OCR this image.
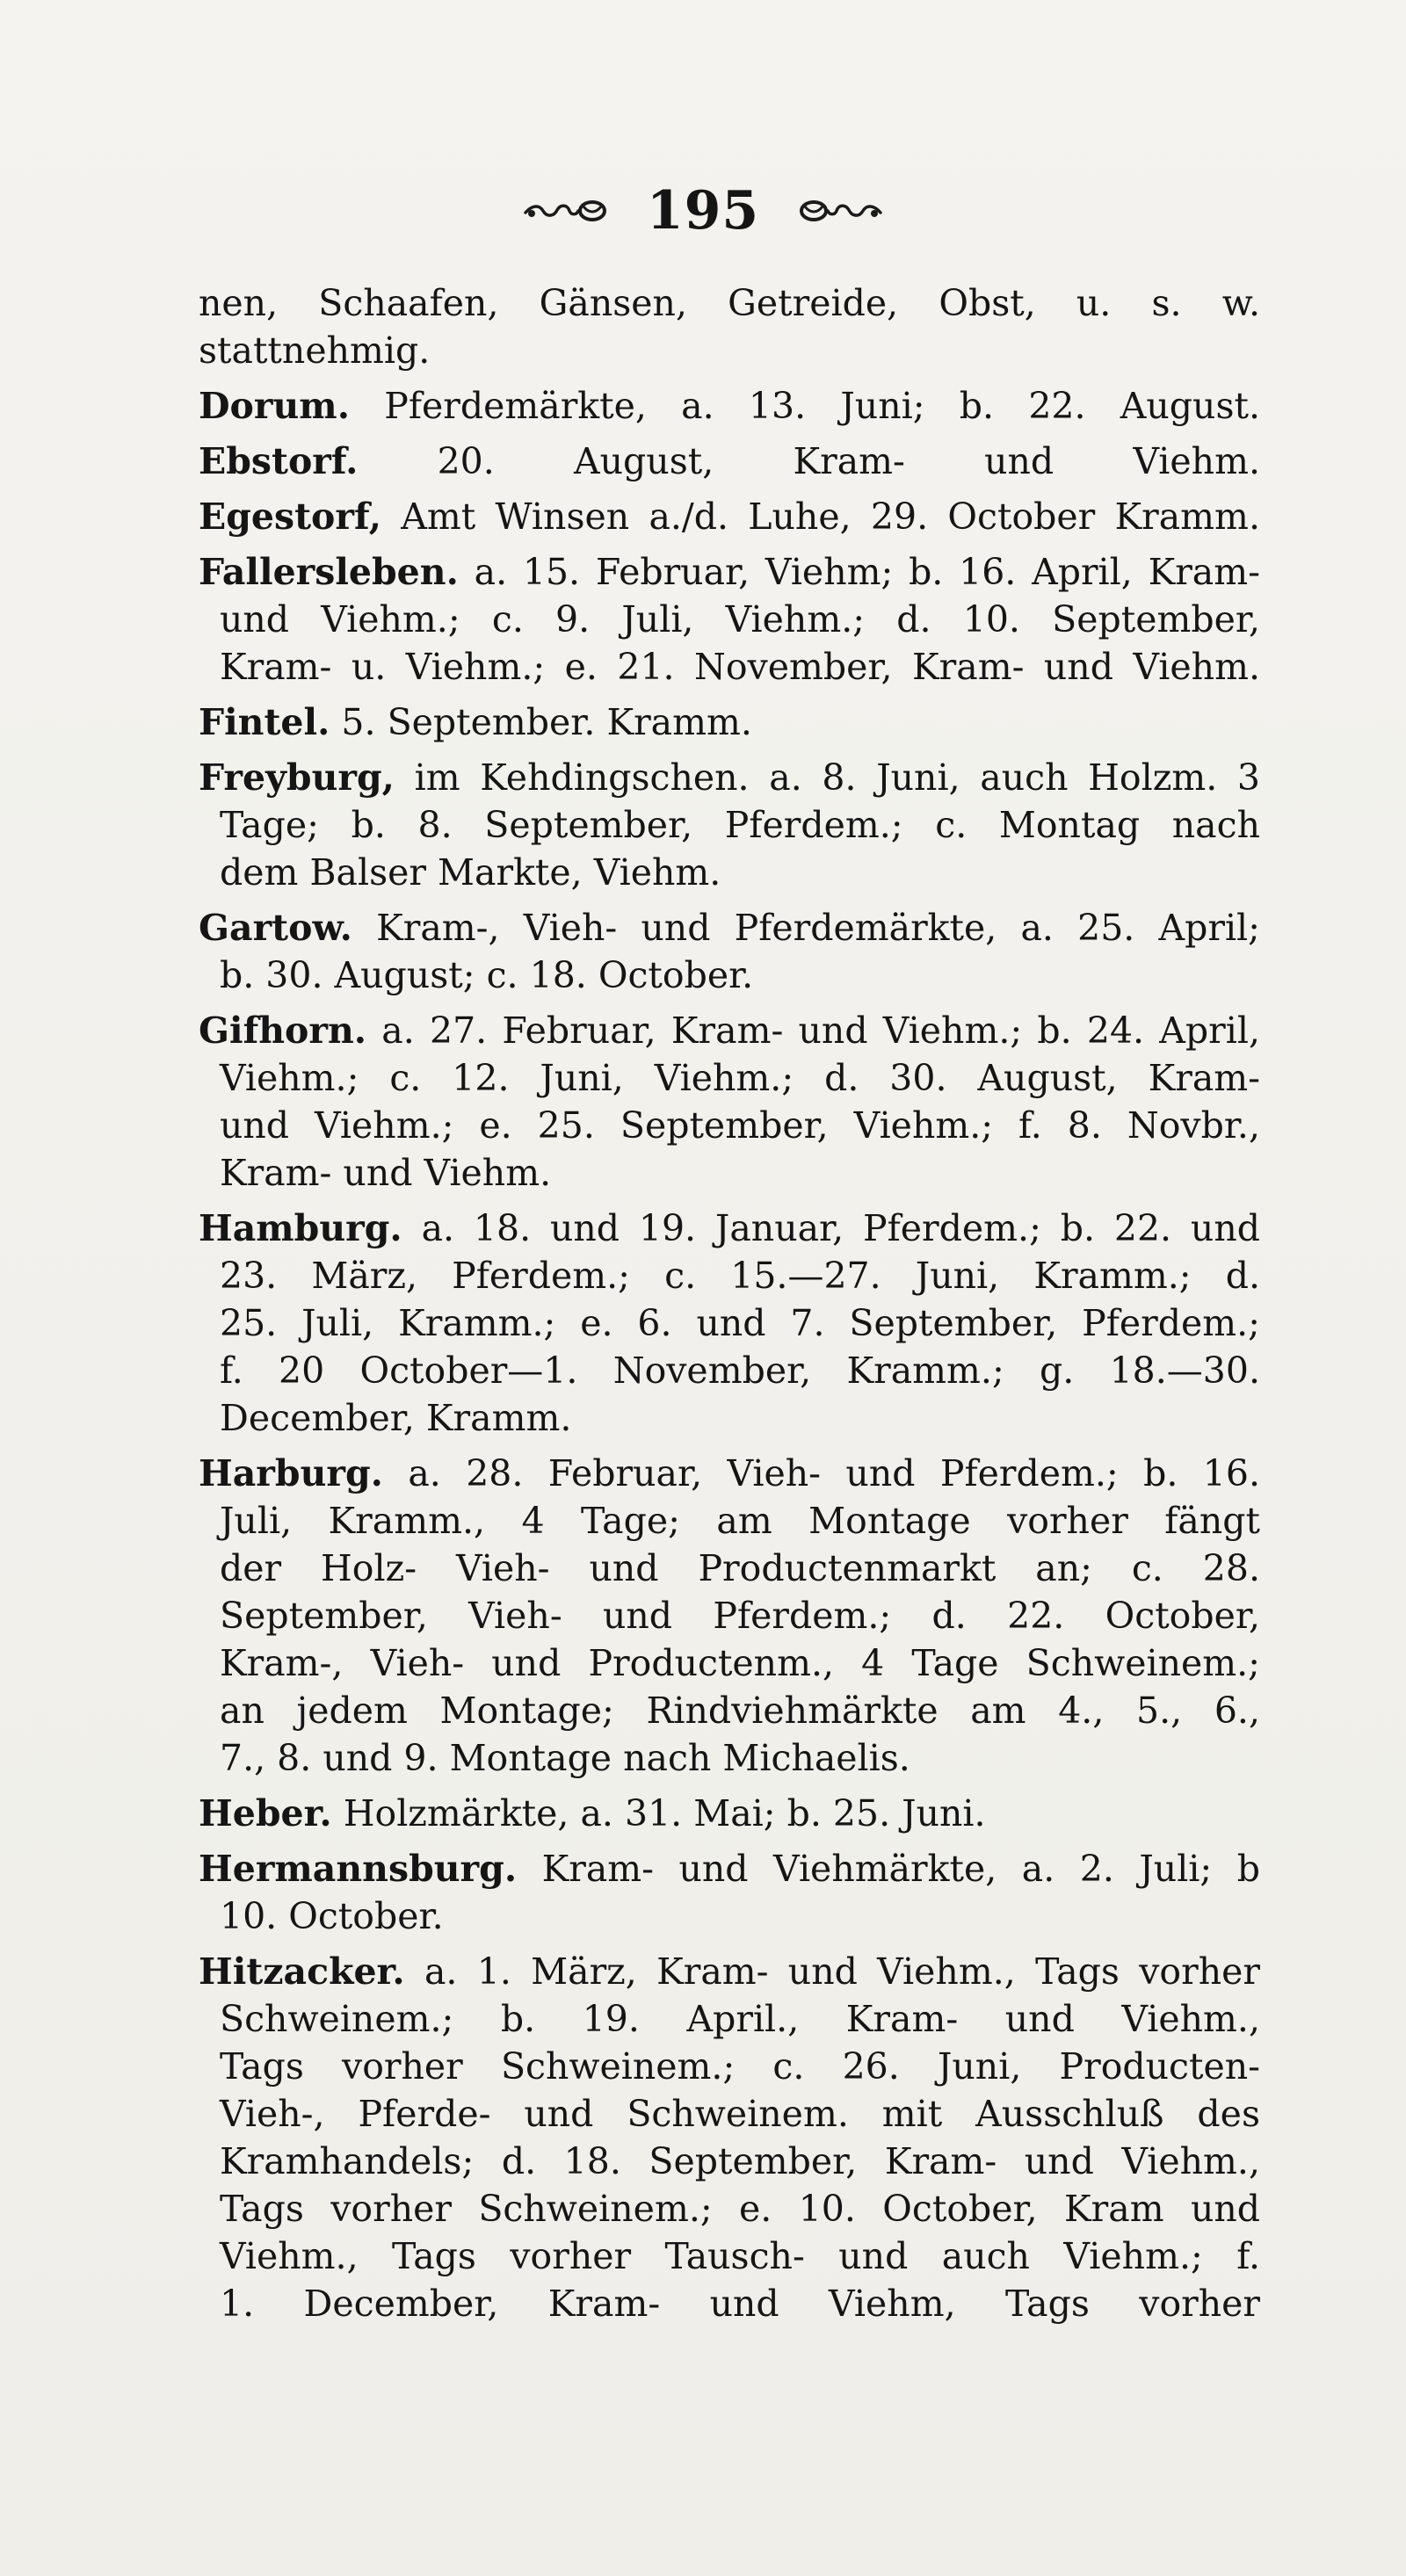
195
nen, Schaafen, Gänsen, Getreide, Obst, u. s. w.
stattnehmig.
Dorum. Pferdemärkte, a. 13. Juni; b. 22. August.
Ebstorf. 20. August, Kram- und Viehm.
Egestorf, Amt Winsen a./d. Luhe, 29. October Kramm.
Fallersleben. a. 15. Februar, Viehm; b. 16. April, Kram-
und Viehm.; c. 9. Juli, Viehm.; d. 10. September,
Kram- u. Viehm.; e. 21. November, Kram- und Viehm.
Fintel. 5. September. Kramm.
Freyburg, im Kehdingschen. a. 8. Juni, auch Holzm. 3
Tage; b. 8. September, Pferdem.; c. Montag nach
dem Balser Markte, Viehm.
Gartow. Kram-, Vieh- und Pferdemärkte, a. 25. April;
b. 30. August; c. 18. October.
Gifhorn. a. 27. Februar, Kram- und Viehm.; b. 24. April,
Viehm.; c. 12. Juni, Viehm.; d. 30. August, Kram-
und Viehm.; e. 25. September, Viehm.; f. 8. Novbr.,
Kram- und Viehm.
Hamburg. a. 18. und 19. Januar, Pferdem.; b. 22. und
23. März, Pferdem.; c. 15.—27. Juni, Kramm.; d.
25. Juli, Kramm.; e. 6. und 7. September, Pferdem.;
f. 20 October—1. November, Kramm.; g. 18.—30.
December, Kramm.
Harburg. a. 28. Februar, Vieh- und Pferdem.; b. 16.
Juli, Kramm., 4 Tage; am Montage vorher fängt
der Holz- Vieh- und Productenmarkt an; c. 28.
September, Vieh- und Pferdem.; d. 22. October,
Kram-, Vieh- und Productenm., 4 Tage Schweinem.;
an jedem Montage; Rindviehmärkte am 4., 5., 6.,
7., 8. und 9. Montage nach Michaelis.
Heber. Holzmärkte, a. 31. Mai; b. 25. Juni.
Hermannsburg. Kram- und Viehmärkte, a. 2. Juli; b
10. October.
Hitzacker. a. 1. März, Kram- und Viehm., Tags vorher
Schweinem.; b. 19. April., Kram- und Viehm.,
Tags vorher Schweinem.; c. 26. Juni, Producten-
Vieh-, Pferde- und Schweinem. mit Ausschluß des
Kramhandels; d. 18. September, Kram- und Viehm.,
Tags vorher Schweinem.; e. 10. October, Kram und
Viehm., Tags vorher Tausch- und auch Viehm.; f.
1. December, Kram- und Viehm, Tags vorher
